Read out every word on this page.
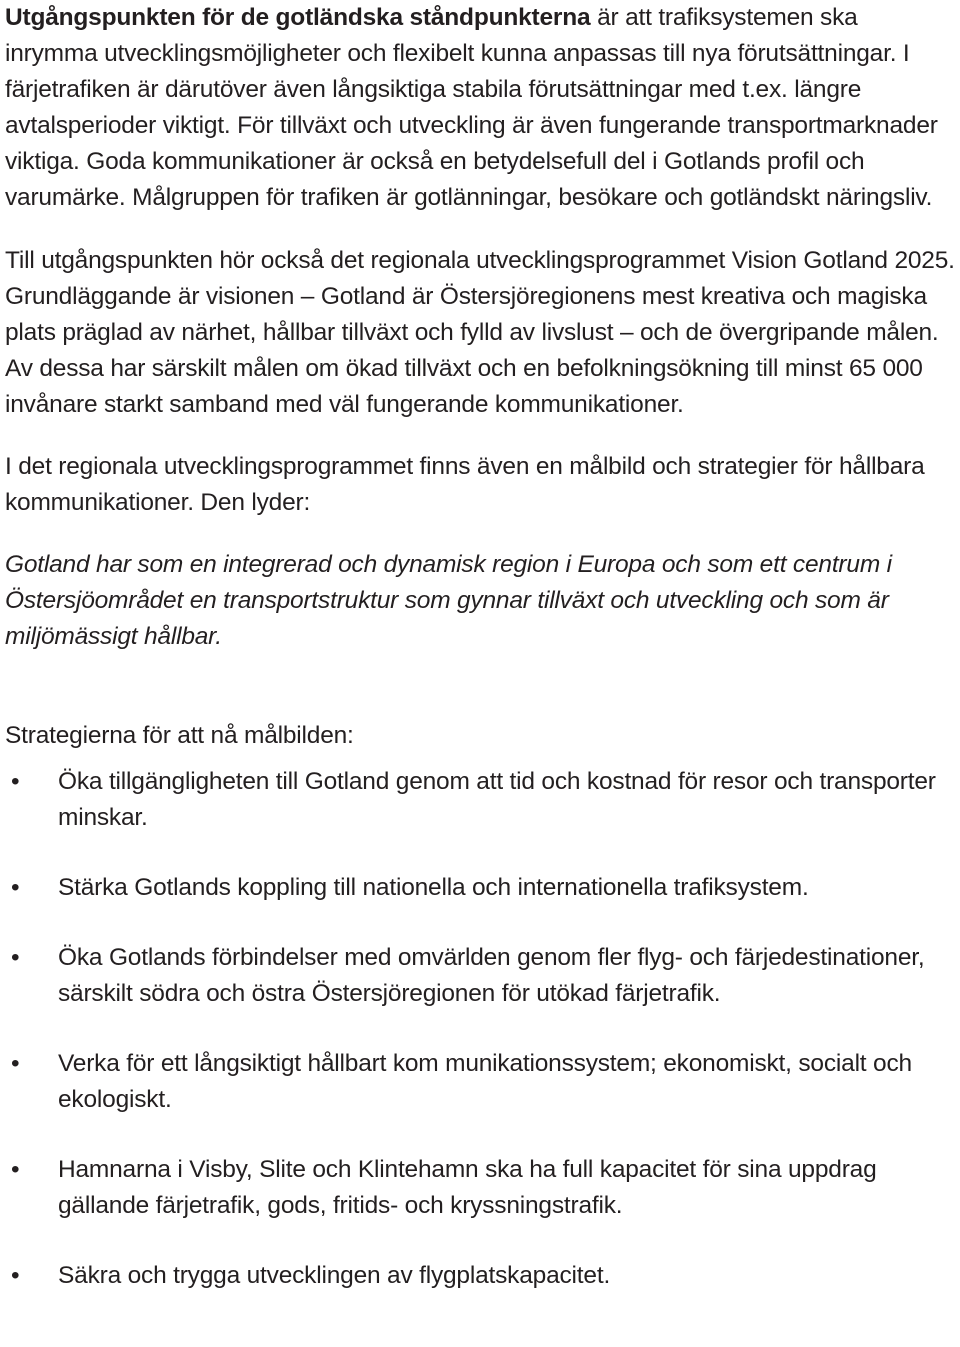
Utgångspunkten för de gotländska ståndpunkterna är att trafiksystemen ska inrymma utvecklingsmöjligheter och flexibelt kunna anpassas till nya förutsättningar. I färjetrafiken är därutöver även långsiktiga stabila förutsättningar med t.ex. längre avtalsperioder viktigt. För tillväxt och utveckling är även fungerande transportmarknader viktiga. Goda kommunikationer är också en betydelsefull del i Gotlands profil och varumärke. Målgruppen för trafiken är gotlänningar, besökare och gotländskt näringsliv.

Till utgångspunkten hör också det regionala utvecklingsprogrammet Vision Gotland 2025. Grundläggande är visionen – Gotland är Östersjöregionens mest kreativa och magiska plats präglad av närhet, hållbar tillväxt och fylld av livslust – och de övergripande målen. Av dessa har särskilt målen om ökad tillväxt och en befolkningsökning till minst 65 000 invånare starkt samband med väl fungerande kommunikationer.

I det regionala utvecklingsprogrammet finns även en målbild och strategier för hållbara kommunikationer. Den lyder:

Gotland har som en integrerad och dynamisk region i Europa och som ett centrum i Östersjöområdet en transportstruktur som gynnar tillväxt och utveckling och som är miljömässigt hållbar.

Strategierna för att nå målbilden:

• Öka tillgängligheten till Gotland genom att tid och kostnad för resor och transporter minskar.
• Stärka Gotlands koppling till nationella och internationella trafiksystem.
• Öka Gotlands förbindelser med omvärlden genom fler flyg- och färjedestinationer, särskilt södra och östra Östersjöregionen för utökad färjetrafik.
• Verka för ett långsiktigt hållbart kom munikationssystem; ekonomiskt, socialt och ekologiskt.
• Hamnarna i Visby, Slite och Klintehamn ska ha full kapacitet för sina uppdrag gällande färjetrafik, gods, fritids- och kryssningstrafik.
• Säkra och trygga utvecklingen av flygplatskapacitet.
